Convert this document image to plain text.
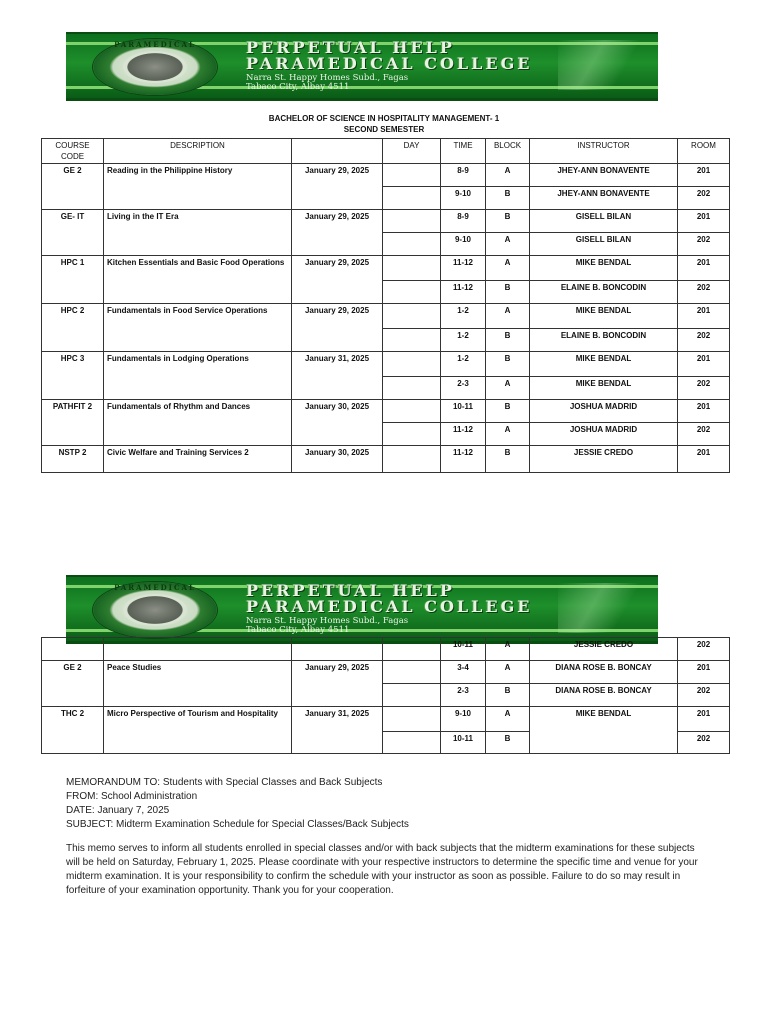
PARAMEDICAL	PERPETUAL HELP
PARAMEDICAL COLLEGE
Narra St. Happy Homes Subd., Fagas
Tabaco City, Albay 4511
BACHELOR OF SCIENCE IN HOSPITALITY MANAGEMENT- 1
SECOND SEMESTER
COURSE CODE	DESCRIPTION		DAY	TIME	BLOCK	INSTRUCTOR	ROOM
GE 2	Reading in the Philippine History	January 29, 2025		8-9	A	JHEY-ANN BONAVENTE	201
				9-10	B	JHEY-ANN BONAVENTE	202
GE- IT	Living in the IT Era	January 29, 2025		8-9	B	GISELL BILAN	201
				9-10	A	GISELL BILAN	202
HPC 1	Kitchen Essentials and Basic Food Operations	January 29, 2025		11-12	A	MIKE BENDAL	201
				11-12	B	ELAINE B. BONCODIN	202
HPC 2	Fundamentals in Food Service Operations	January 29, 2025		1-2	A	MIKE BENDAL	201
				1-2	B	ELAINE B. BONCODIN	202
HPC 3	Fundamentals in Lodging Operations	January 31, 2025		1-2	B	MIKE BENDAL	201
				2-3	A	MIKE BENDAL	202
PATHFIT 2	Fundamentals of Rhythm and Dances	January 30, 2025		10-11	B	JOSHUA MADRID	201
				11-12	A	JOSHUA MADRID	202
NSTP 2	Civic Welfare and Training Services 2	January 30, 2025		11-12	B	JESSIE CREDO	201
PARAMEDICAL	PERPETUAL HELP
PARAMEDICAL COLLEGE
Narra St. Happy Homes Subd., Fagas
Tabaco City, Albay 4511
				10-11	A	JESSIE CREDO	202
GE 2	Peace Studies	January 29, 2025		3-4	A	DIANA ROSE B. BONCAY	201
				2-3	B	DIANA ROSE B. BONCAY	202
THC 2	Micro Perspective of Tourism and Hospitality	January 31, 2025		9-10	A	MIKE BENDAL	201
				10-11	B		202
MEMORANDUM TO: Students with Special Classes and Back Subjects
FROM: School Administration
DATE: January 7, 2025
SUBJECT: Midterm Examination Schedule for Special Classes/Back Subjects
This memo serves to inform all students enrolled in special classes and/or with back subjects that the midterm examinations for these subjects will be held on Saturday, February 1, 2025. Please coordinate with your respective instructors to determine the specific time and venue for your midterm examination. It is your responsibility to confirm the schedule with your instructor as soon as possible. Failure to do so may result in forfeiture of your examination opportunity. Thank you for your cooperation.
